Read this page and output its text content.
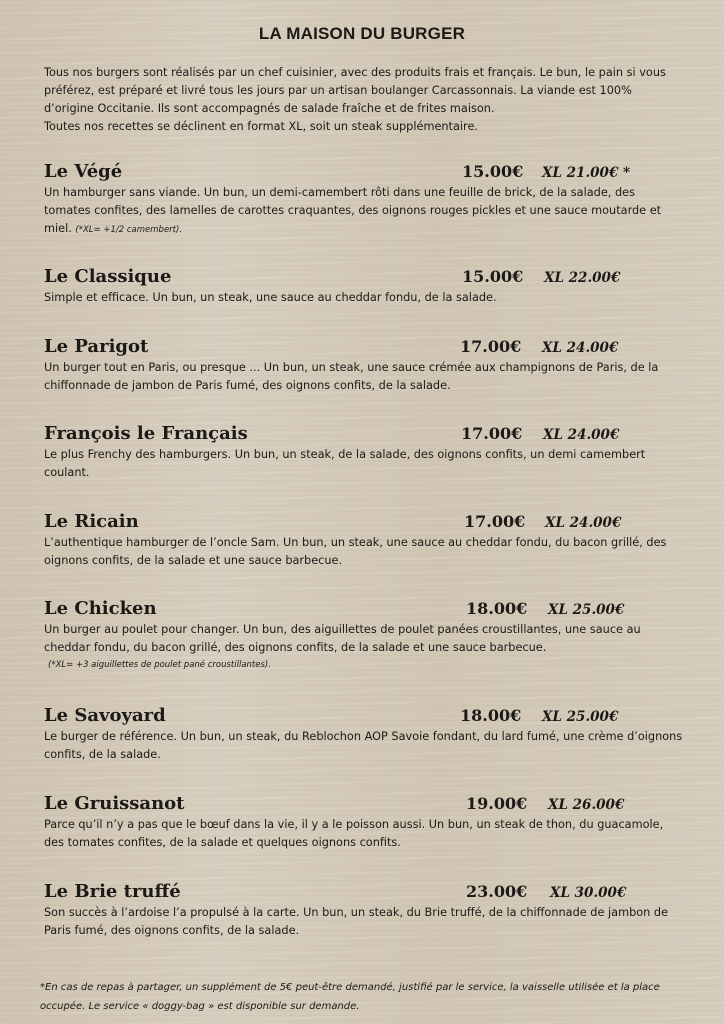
LA MAISON DU BURGER

Tous nos burgers sont réalisés par un chef cuisinier, avec des produits frais et français. Le bun, le pain si vous préférez, est préparé et livré tous les jours par un artisan boulanger Carcassonnais. La viande est 100% d’origine Occitanie. Ils sont accompagnés de salade fraîche et de frites maison.

Toutes nos recettes se déclinent en format XL, soit un steak supplémentaire.

Le Végé	15.00€ XL 21.00€ *

Un hamburger sans viande. Un bun, un demi-camembert rôti dans une feuille de brick, de la salade, des tomates confites, des lamelles de carottes craquantes, des oignons rouges pickles et une sauce moutarde et miel. (*XL= +1/2 camembert).

Le Classique	15.00€ XL 22.00€

Simple et efficace. Un bun, un steak, une sauce au cheddar fondu, de la salade.

Le Parigot	17.00€ XL 24.00€

Un burger tout en Paris, ou presque ... Un bun, un steak, une sauce crémée aux champignons de Paris, de la chiffonnade de jambon de Paris fumé, des oignons confits, de la salade.

François le Français	17.00€ XL 24.00€

Le plus Frenchy des hamburgers. Un bun, un steak, de la salade, des oignons confits, un demi camembert coulant.

Le Ricain	17.00€ XL 24.00€

L’authentique hamburger de l’oncle Sam. Un bun, un steak, une sauce au cheddar fondu, du bacon grillé, des oignons confits, de la salade et une sauce barbecue.

Le Chicken	18.00€ XL 25.00€

Un burger au poulet pour changer. Un bun, des aiguillettes de poulet panées croustillantes, une sauce au cheddar fondu, du bacon grillé, des oignons confits, de la salade et une sauce barbecue.

(*XL= +3 aiguillettes de poulet pané croustillantes).
Le Savoyard	18.00€ XL 25.00€

Le burger de référence. Un bun, un steak, du Reblochon AOP Savoie fondant, du lard fumé, une crème d’oignons confits, de la salade.

Le Gruissanot	19.00€ XL 26.00€

Parce qu’il n’y a pas que le bœuf dans la vie, il y a le poisson aussi. Un bun, un steak de thon, du guacamole, des tomates confites, de la salade et quelques oignons confits.

Le Brie truffé	23.00€ XL 30.00€

Son succès à l’ardoise l’a propulsé à la carte. Un bun, un steak, du Brie truffé, de la chiffonnade de jambon de Paris fumé, des oignons confits, de la salade.

*En cas de repas à partager, un supplément de 5€ peut-être demandé, justifié par le service, la vaisselle utilisée et la place occupée. Le service « doggy-bag » est disponible sur demande.
